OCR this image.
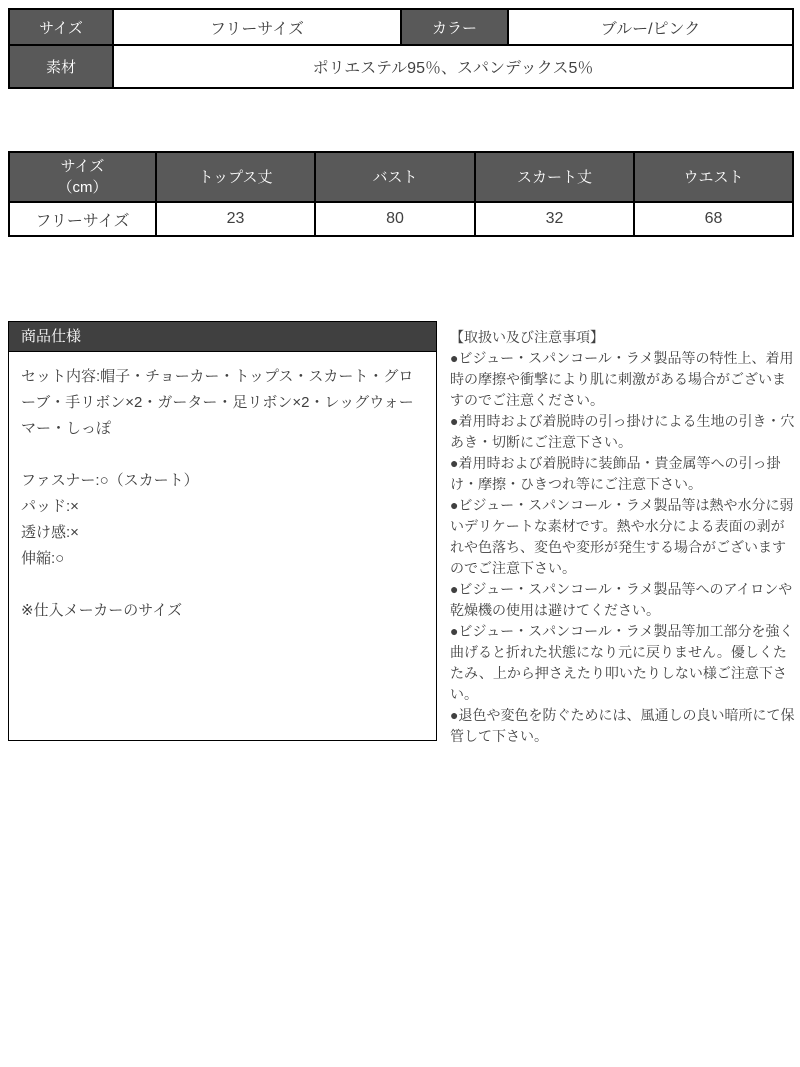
サイズ	フリーサイズ	カラー	ブルー/ピンク
素材	ポリエステル95％、スパンデックス5％		
サイズ
（cm）	トップス丈	バスト	スカート丈	ウエスト
フリーサイズ	23	80	32	68
商品仕様

セット内容:帽子・チョーカー・トップス・スカート・グローブ・手リボン×2・ガーター・足リボン×2・レッグウォーマー・しっぽ

ファスナー:○（スカート）

パッド:×

透け感:×

伸縮:○

※仕入メーカーのサイズ

【取扱い及び注意事項】

●ビジュー・スパンコール・ラメ製品等の特性上、着用時の摩擦や衝撃により肌に刺激がある場合がございますのでご注意ください。

●着用時および着脱時の引っ掛けによる生地の引き・穴あき・切断にご注意下さい。

●着用時および着脱時に装飾品・貴金属等への引っ掛け・摩擦・ひきつれ等にご注意下さい。

●ビジュー・スパンコール・ラメ製品等は熱や水分に弱いデリケートな素材です。熱や水分による表面の剥がれや色落ち、変色や変形が発生する場合がございますのでご注意下さい。

●ビジュー・スパンコール・ラメ製品等へのアイロンや乾燥機の使用は避けてください。

●ビジュー・スパンコール・ラメ製品等加工部分を強く曲げると折れた状態になり元に戻りません。優しくたたみ、上から押さえたり叩いたりしない様ご注意下さい。

●退色や変色を防ぐためには、風通しの良い暗所にて保管して下さい。
